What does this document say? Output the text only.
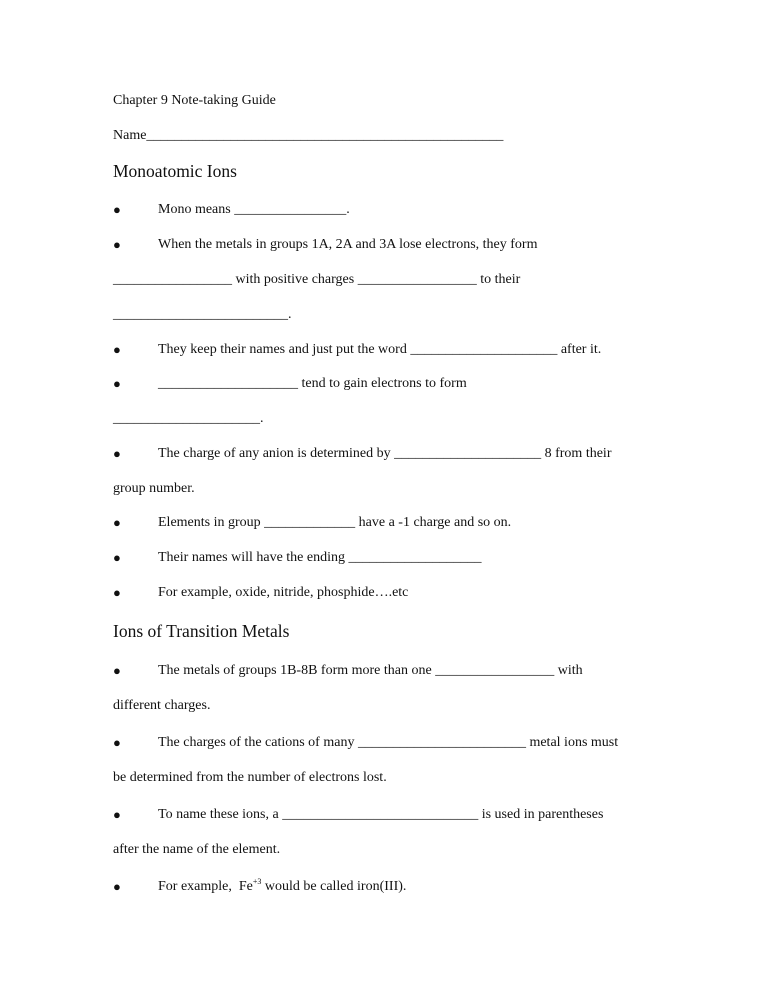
Chapter 9 Note-taking Guide
Name___________________________________________________
Monoatomic Ions
●	Mono means ________________.
●	When the metals in groups 1A, 2A and 3A lose electrons, they form
_________________ with positive charges _________________ to their
_________________________.
●	They keep their names and just put the word _____________________ after it.
●	____________________ tend to gain electrons to form
_____________________.
●	The charge of any anion is determined by _____________________ 8 from their
group number.
●	Elements in group _____________ have a -1 charge and so on.
●	Their names will have the ending ___________________
●	For example, oxide, nitride, phosphide….etc
Ions of Transition Metals
●	The metals of groups 1B-8B form more than one _________________ with
different charges.
●	The charges of the cations of many ________________________ metal ions must
be determined from the number of electrons lost.
●	To name these ions, a ____________________________ is used in parentheses
after the name of the element.
●	For example,  $Fe^{+3}$ would be called iron(III).
